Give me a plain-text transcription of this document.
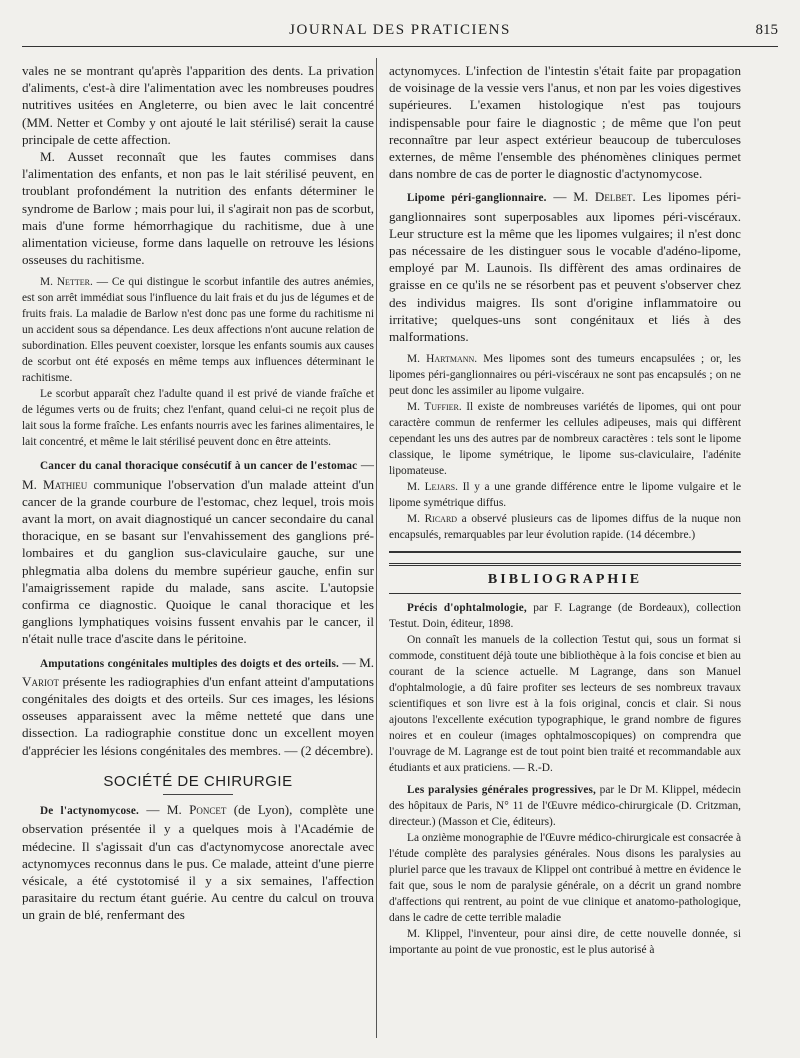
JOURNAL DES PRATICIENS	815

vales ne se montrant qu'après l'apparition des dents. La privation d'aliments, c'est-à dire l'alimentation avec les nombreuses poudres nutritives usitées en Angleterre, ou bien avec le lait concentré (MM. Netter et Comby y ont ajouté le lait stérilisé) serait la cause principale de cette affection.

M. Ausset reconnaît que les fautes commises dans l'alimentation des enfants, et non pas le lait stérilisé peuvent, en troublant profondément la nutrition des enfants déterminer le syndrome de Barlow ; mais pour lui, il s'agirait non pas de scorbut, mais d'une forme hémorrhagique du rachitisme, due à une alimentation vicieuse, forme dans laquelle on retrouve les lésions osseuses du rachitisme.

M. Netter. — Ce qui distingue le scorbut infantile des autres anémies, est son arrêt immédiat sous l'influence du lait frais et du jus de légumes et de fruits frais. La maladie de Barlow n'est donc pas une forme du rachitisme ni un accident sous sa dépendance. Les deux affections n'ont aucune relation de subordination. Elles peuvent coexister, lorsque les enfants soumis aux causes de scorbut ont été exposés en même temps aux influences déterminant le rachitisme.

Le scorbut apparaît chez l'adulte quand il est privé de viande fraîche et de légumes verts ou de fruits; chez l'enfant, quand celui-ci ne reçoit plus de lait sous la forme fraîche. Les enfants nourris avec les farines alimentaires, le lait concentré, et même le lait stérilisé peuvent donc en être atteints.

Cancer du canal thoracique consécutif à un cancer de l'estomac — M. Mathieu communique l'observation d'un malade atteint d'un cancer de la grande courbure de l'estomac, chez lequel, trois mois avant la mort, on avait diagnostiqué un cancer secondaire du canal thoracique, en se basant sur l'envahissement des ganglions pré-lombaires et du ganglion sus-claviculaire gauche, sur une phlegmatia alba dolens du membre supérieur gauche, enfin sur l'amaigrissement rapide du malade, sans ascite. L'autopsie confirma ce diagnostic. Quoique le canal thoracique et les ganglions lymphatiques voisins fussent envahis par le cancer, il n'était nulle trace d'ascite dans le péritoine.

Amputations congénitales multiples des doigts et des orteils. — M. Variot présente les radiographies d'un enfant atteint d'amputations congénitales des doigts et des orteils. Sur ces images, les lésions osseuses apparaissent avec la même netteté que dans une dissection. La radiographie constitue donc un excellent moyen d'apprécier les lésions congénitales des membres. — (2 décembre).

SOCIÉTÉ DE CHIRURGIE

De l'actynomycose. — M. Poncet (de Lyon), complète une observation présentée il y a quelques mois à l'Académie de médecine. Il s'agissait d'un cas d'actynomycose anorectale avec actynomyces reconnus dans le pus. Ce malade, atteint d'une pierre vésicale, a été cystotomisé il y a six semaines, l'affection parasitaire du rectum étant guérie. Au centre du calcul on trouva un grain de blé, renfermant des

actynomyces. L'infection de l'intestin s'était faite par propagation de voisinage de la vessie vers l'anus, et non par les voies digestives supérieures. L'examen histologique n'est pas toujours indispensable pour faire le diagnostic ; de même que l'on peut reconnaître par leur aspect extérieur beaucoup de tuberculoses externes, de même l'ensemble des phénomènes cliniques permet dans nombre de cas de porter le diagnostic d'actynomycose.

Lipome péri-ganglionnaire. — M. Delbet. Les lipomes péri-ganglionnaires sont superposables aux lipomes péri-viscéraux. Leur structure est la même que les lipomes vulgaires; il n'est donc pas nécessaire de les distinguer sous le vocable d'adéno-lipome, employé par M. Launois. Ils diffèrent des amas ordinaires de graisse en ce qu'ils ne se résorbent pas et peuvent s'observer chez des individus maigres. Ils sont d'origine inflammatoire ou irritative; quelques-uns sont congénitaux et liés à des malformations.

M. Hartmann. Mes lipomes sont des tumeurs encapsulées ; or, les lipomes péri-ganglionnaires ou péri-viscéraux ne sont pas encapsulés ; on ne peut donc les assimiler au lipome vulgaire.

M. Tuffier. Il existe de nombreuses variétés de lipomes, qui ont pour caractère commun de renfermer les cellules adipeuses, mais qui diffèrent cependant les uns des autres par de nombreux caractères : tels sont le lipome classique, le lipome symétrique, le lipome sus-claviculaire, l'adénite lipomateuse.

M. Lejars. Il y a une grande différence entre le lipome vulgaire et le lipome symétrique diffus.

M. Ricard a observé plusieurs cas de lipomes diffus de la nuque non encapsulés, remarquables par leur évolution rapide. (14 décembre.)

BIBLIOGRAPHIE

Précis d'ophtalmologie, par F. Lagrange (de Bordeaux), collection Testut. Doin, éditeur, 1898.

On connaît les manuels de la collection Testut qui, sous un format si commode, constituent déjà toute une bibliothèque à la fois concise et bien au courant de la science actuelle. M Lagrange, dans son Manuel d'ophtalmologie, a dû faire profiter ses lecteurs de ses nombreux travaux scientifiques et son livre est à la fois original, concis et clair. Si nous ajoutons l'excellente exécution typographique, le grand nombre de figures noires et en couleur (images ophtalmoscopiques) on comprendra que l'ouvrage de M. Lagrange est de tout point bien traité et recommandable aux étudiants et aux praticiens. — R.-D.

Les paralysies générales progressives, par le Dr M. Klippel, médecin des hôpitaux de Paris, N° 11 de l'Œuvre médico-chirurgicale (D. Critzman, directeur.) (Masson et Cie, éditeurs).

La onzième monographie de l'Œuvre médico-chirurgicale est consacrée à l'étude complète des paralysies générales. Nous disons les paralysies au pluriel parce que les travaux de Klippel ont contribué à mettre en évidence le fait que, sous le nom de paralysie générale, on a décrit un grand nombre d'affections qui rentrent, au point de vue clinique et anatomo-pathologique, dans le cadre de cette terrible maladie

M. Klippel, l'inventeur, pour ainsi dire, de cette nouvelle donnée, si importante au point de vue pronostic, est le plus autorisé à
